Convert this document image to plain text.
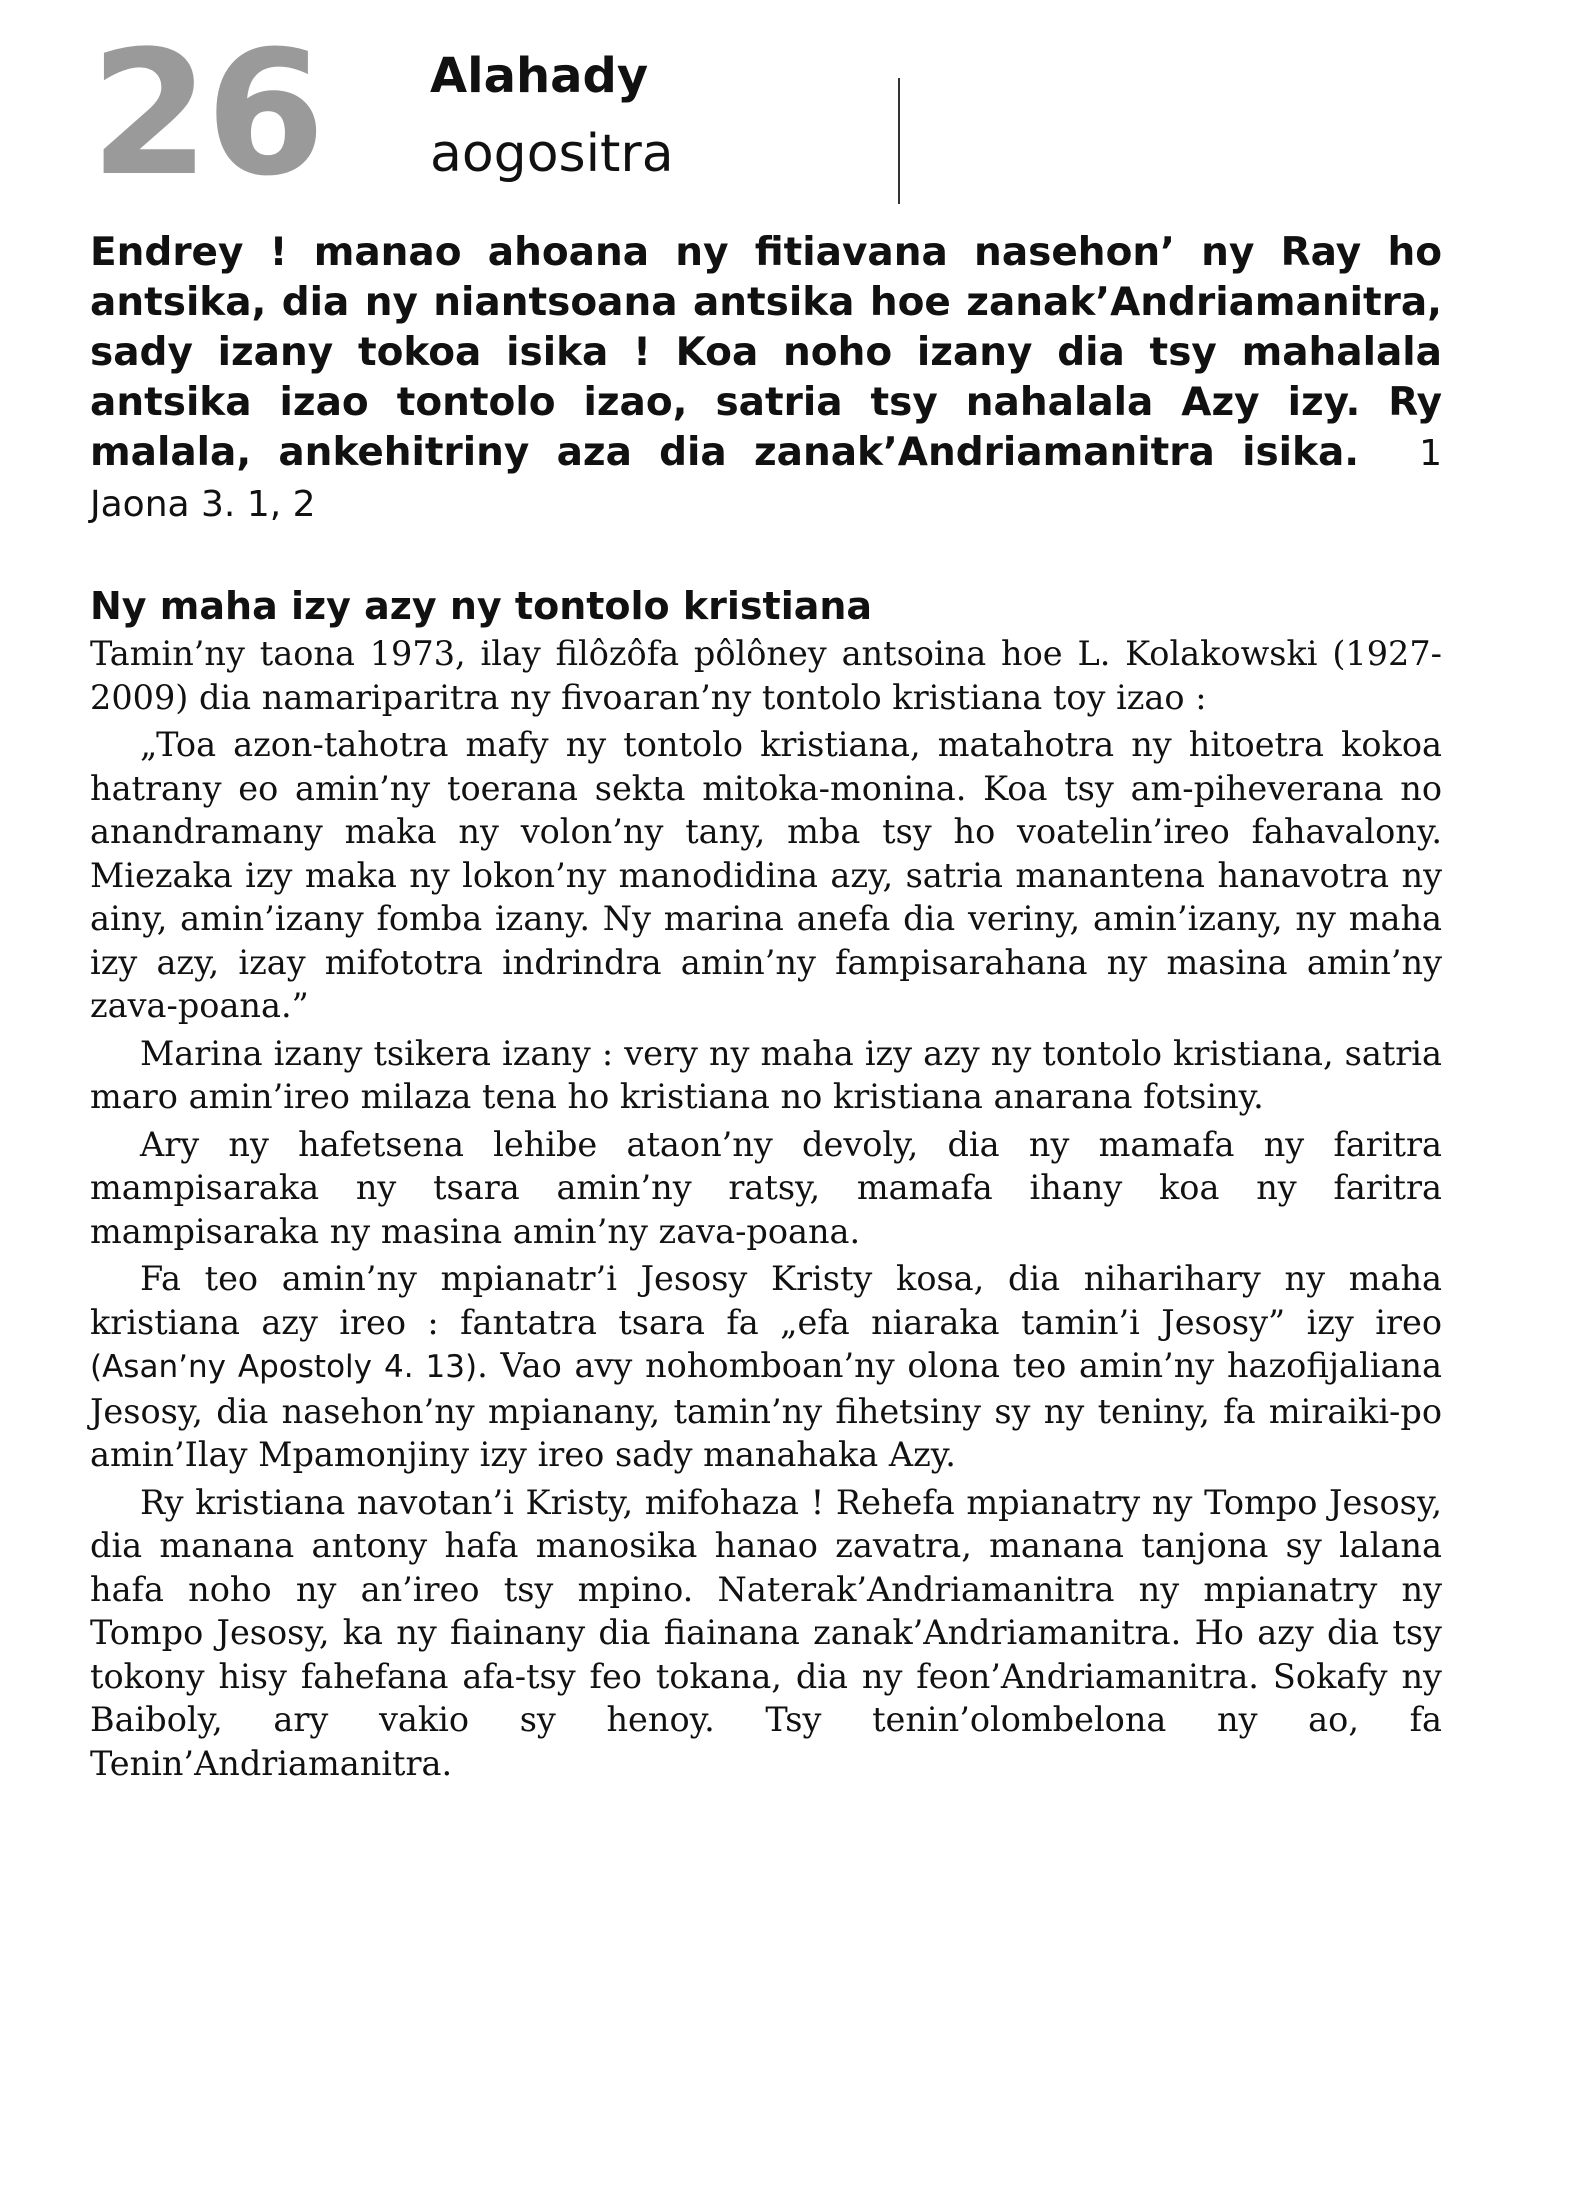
26 Alahady
aogositra
Endrey ! manao ahoana ny fitiavana nasehon’ ny Ray ho antsika, dia ny niantsoana antsika hoe zanak’Andriamanitra, sady izany tokoa isika ! Koa noho izany dia tsy mahalala antsika izao tontolo izao, satria tsy nahalala Azy izy. Ry malala, ankehitriny aza dia zanak’Andriamanitra isika. 1 Jaona 3. 1, 2
Ny maha izy azy ny tontolo kristiana

Tamin’ny taona 1973, ilay filôzôfa pôlôney antsoina hoe L. Kolakowski (1927-2009) dia namariparitra ny fivoaran’ny tontolo kristiana toy izao :

„Toa azon-tahotra mafy ny tontolo kristiana, matahotra ny hitoetra kokoa hatrany eo amin’ny toerana sekta mitoka-monina. Koa tsy am-piheverana no anandramany maka ny volon’ny tany, mba tsy ho voatelin’ireo fahavalony. Miezaka izy maka ny lokon’ny manodidina azy, satria manantena hanavotra ny ainy, amin’izany fomba izany. Ny marina anefa dia veriny, amin’izany, ny maha izy azy, izay mifototra indrindra amin’ny fampisarahana ny masina amin’ny zava-poana.”

Marina izany tsikera izany : very ny maha izy azy ny tontolo kristiana, satria maro amin’ireo milaza tena ho kristiana no kristiana anarana fotsiny.

Ary ny hafetsena lehibe ataon’ny devoly, dia ny mamafa ny faritra mampisaraka ny tsara amin’ny ratsy, mamafa ihany koa ny faritra mampisaraka ny masina amin’ny zava-poana.

Fa teo amin’ny mpianatr’i Jesosy Kristy kosa, dia niharihary ny maha kristiana azy ireo : fantatra tsara fa „efa niaraka tamin’i Jesosy” izy ireo (Asan’ny Apostoly 4. 13). Vao avy nohomboan’ny olona teo amin’ny hazofijaliana Jesosy, dia nasehon’ny mpianany, tamin’ny fihetsiny sy ny teniny, fa miraiki-po amin’Ilay Mpamonjiny izy ireo sady manahaka Azy.

Ry kristiana navotan’i Kristy, mifohaza ! Rehefa mpianatry ny Tompo Jesosy, dia manana antony hafa manosika hanao zavatra, manana tanjona sy lalana hafa noho ny an’ireo tsy mpino. Naterak’Andriamanitra ny mpianatry ny Tompo Jesosy, ka ny fiainany dia fiainana zanak’Andriamanitra. Ho azy dia tsy tokony hisy fahefana afa-tsy feo tokana, dia ny feon’Andriamanitra. Sokafy ny Baiboly, ary vakio sy henoy. Tsy tenin’olombelona ny ao, fa Tenin’Andriamanitra.
